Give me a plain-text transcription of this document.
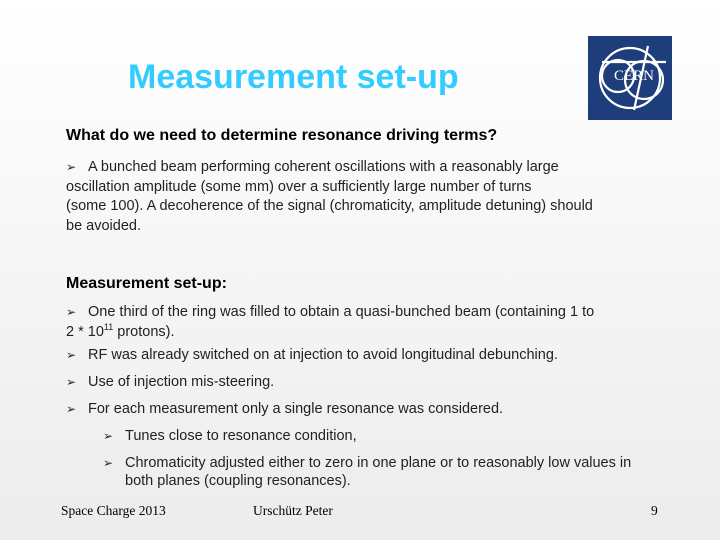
Measurement set-up	CERN

What do we need to determine resonance driving terms?

➢ A bunched beam performing coherent oscillations with a reasonably large
oscillation amplitude (some mm) over a sufficiently large number of turns
(some 100). A decoherence of the signal (chromaticity, amplitude detuning) should
be avoided.

Measurement set-up:

➢ One third of the ring was filled to obtain a quasi-bunched beam (containing 1 to
$2 * 10^{11}$ protons).
➢ RF was already switched on at injection to avoid longitudinal debunching.
➢ Use of injection mis-steering.
➢ For each measurement only a single resonance was considered.
➢ Tunes close to resonance condition,
➢ Chromaticity adjusted either to zero in one plane or to reasonably low values in both planes (coupling resonances).
Space Charge 2013	Urschütz Peter	9
